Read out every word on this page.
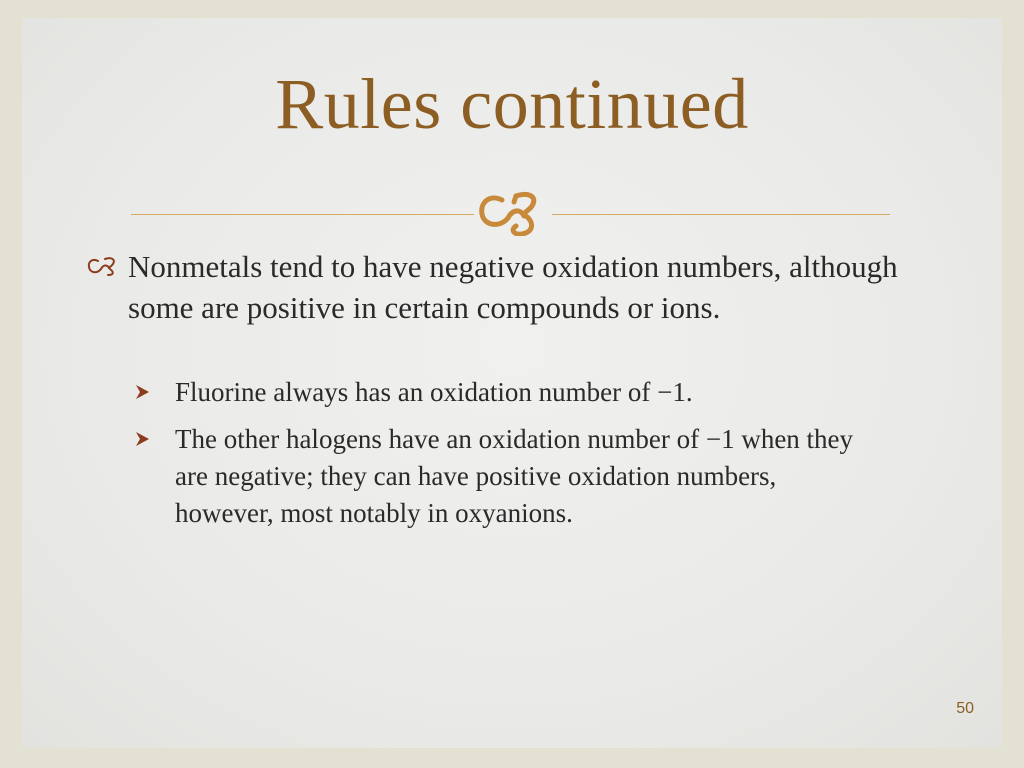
Rules continued

Nonmetals tend to have negative oxidation numbers, although some are positive in certain compounds or ions.

Fluorine always has an oxidation number of −1.

The other halogens have an oxidation number of −1 when they are negative; they can have positive oxidation numbers, however, most notably in oxyanions.

50
